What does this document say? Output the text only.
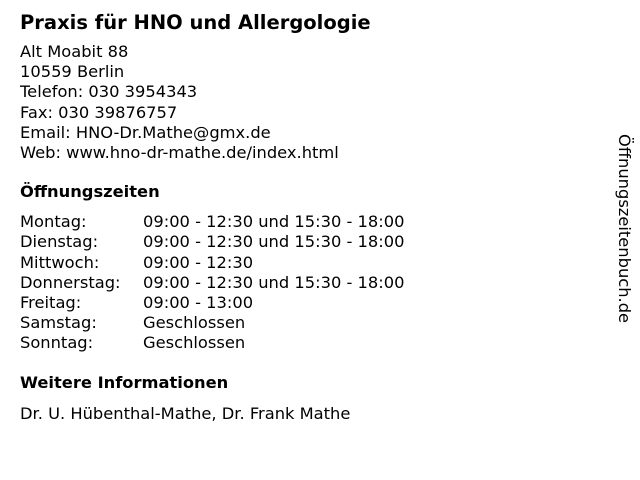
Praxis für HNO und Allergologie
Alt Moabit 88
10559 Berlin
Telefon: 030 3954343
Fax: 030 39876757
Email: HNO-Dr.Mathe@gmx.de
Web: www.hno-dr-mathe.de/index.html
Öffnungszeiten
Montag:	09:00 - 12:30 und 15:30 - 18:00
Dienstag:	09:00 - 12:30 und 15:30 - 18:00
Mittwoch:	09:00 - 12:30
Donnerstag:	09:00 - 12:30 und 15:30 - 18:00
Freitag:	09:00 - 13:00
Samstag:	Geschlossen
Sonntag:	Geschlossen
Weitere Informationen
Dr. U. Hübenthal-Mathe, Dr. Frank Mathe
Öffnungszeitenbuch.de
